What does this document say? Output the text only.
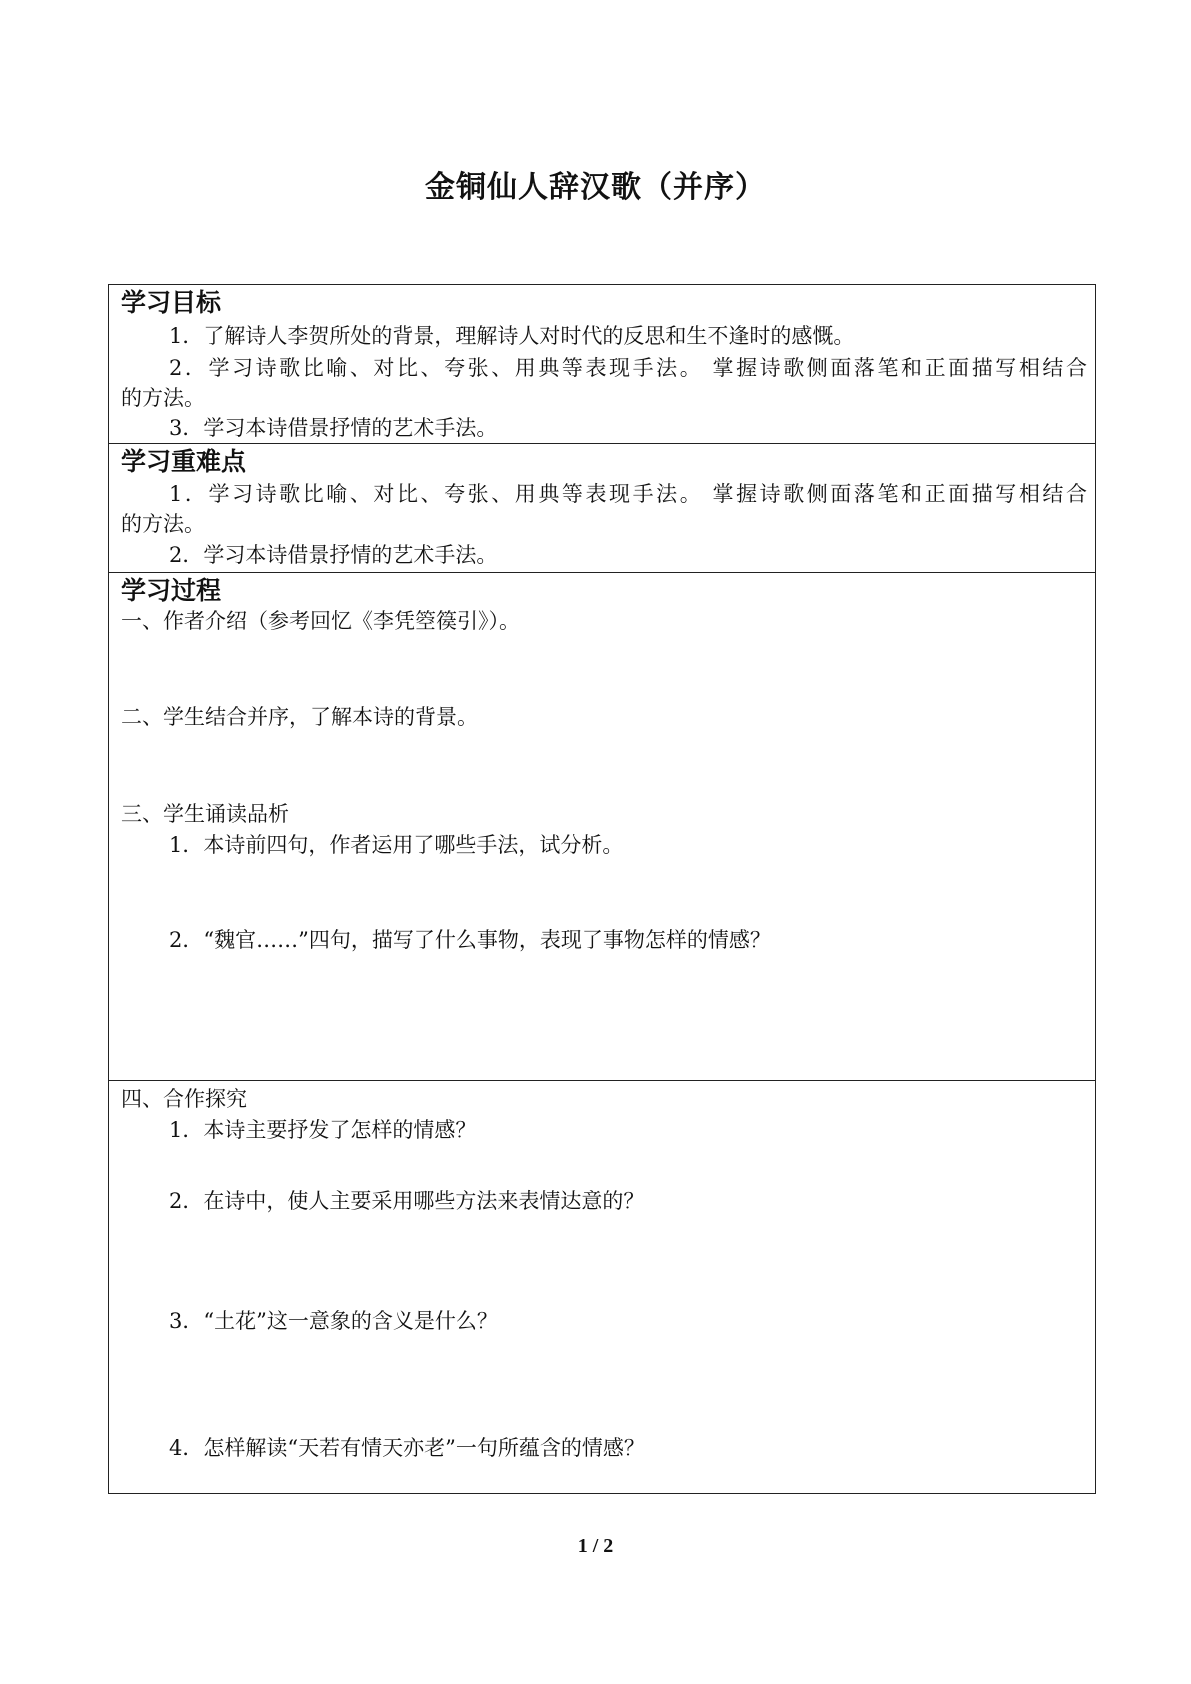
金铜仙人辞汉歌（并序）
学习目标
1．了解诗人李贺所处的背景，理解诗人对时代的反思和生不逢时的感慨。
2．学习诗歌比喻、对比、夸张、用典等表现手法。 掌握诗歌侧面落笔和正面描写相结合
的方法。
3．学习本诗借景抒情的艺术手法。
学习重难点
1．学习诗歌比喻、对比、夸张、用典等表现手法。 掌握诗歌侧面落笔和正面描写相结合
的方法。
2．学习本诗借景抒情的艺术手法。
学习过程
一、作者介绍（参考回忆《李凭箜篌引》）。
二、学生结合并序，了解本诗的背景。
三、学生诵读品析
1．本诗前四句，作者运用了哪些手法，试分析。
2．“魏官……”四句，描写了什么事物，表现了事物怎样的情感？
四、合作探究
1．本诗主要抒发了怎样的情感？
2．在诗中，使人主要采用哪些方法来表情达意的？
3．“土花”这一意象的含义是什么？
4．怎样解读“天若有情天亦老”一句所蕴含的情感？
1 / 2
